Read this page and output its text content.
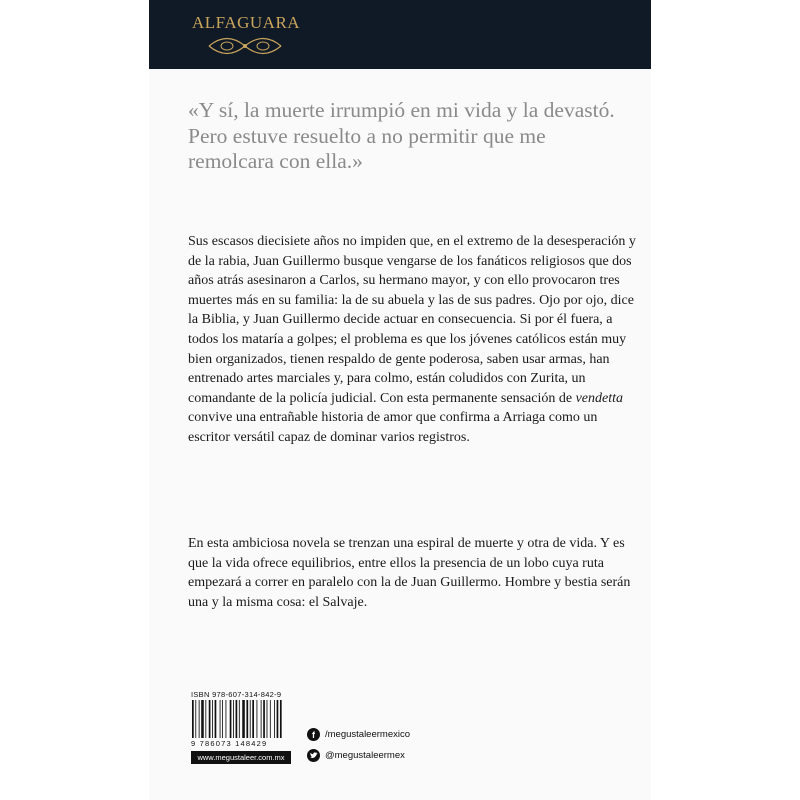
ALFAGUARA

«Y sí, la muerte irrumpió en mi vida y la devastó. Pero estuve resuelto a no permitir que me remolcara con ella.»

Sus escasos diecisiete años no impiden que, en el extremo de la desesperación y de la rabia, Juan Guillermo busque vengarse de los fanáticos religiosos que dos años atrás asesinaron a Carlos, su hermano mayor, y con ello provocaron tres muertes más en su familia: la de su abuela y las de sus padres. Ojo por ojo, dice la Biblia, y Juan Guillermo decide actuar en consecuencia. Si por él fuera, a todos los mataría a golpes; el problema es que los jóvenes católicos están muy bien organizados, tienen respaldo de gente poderosa, saben usar armas, han entrenado artes marciales y, para colmo, están coludidos con Zurita, un comandante de la policía judicial. Con esta permanente sensación de vendetta convive una entrañable historia de amor que confirma a Arriaga como un escritor versátil capaz de dominar varios registros.

En esta ambiciosa novela se trenzan una espiral de muerte y otra de vida. Y es que la vida ofrece equilibrios, entre ellos la presencia de un lobo cuya ruta empezará a correr en paralelo con la de Juan Guillermo. Hombre y bestia serán una y la misma cosa: el Salvaje.

ISBN 978-607-314-842-9
9 786073 148429
www.megustaleer.com.mx
f	/megustaleermexico
@megustaleermex
